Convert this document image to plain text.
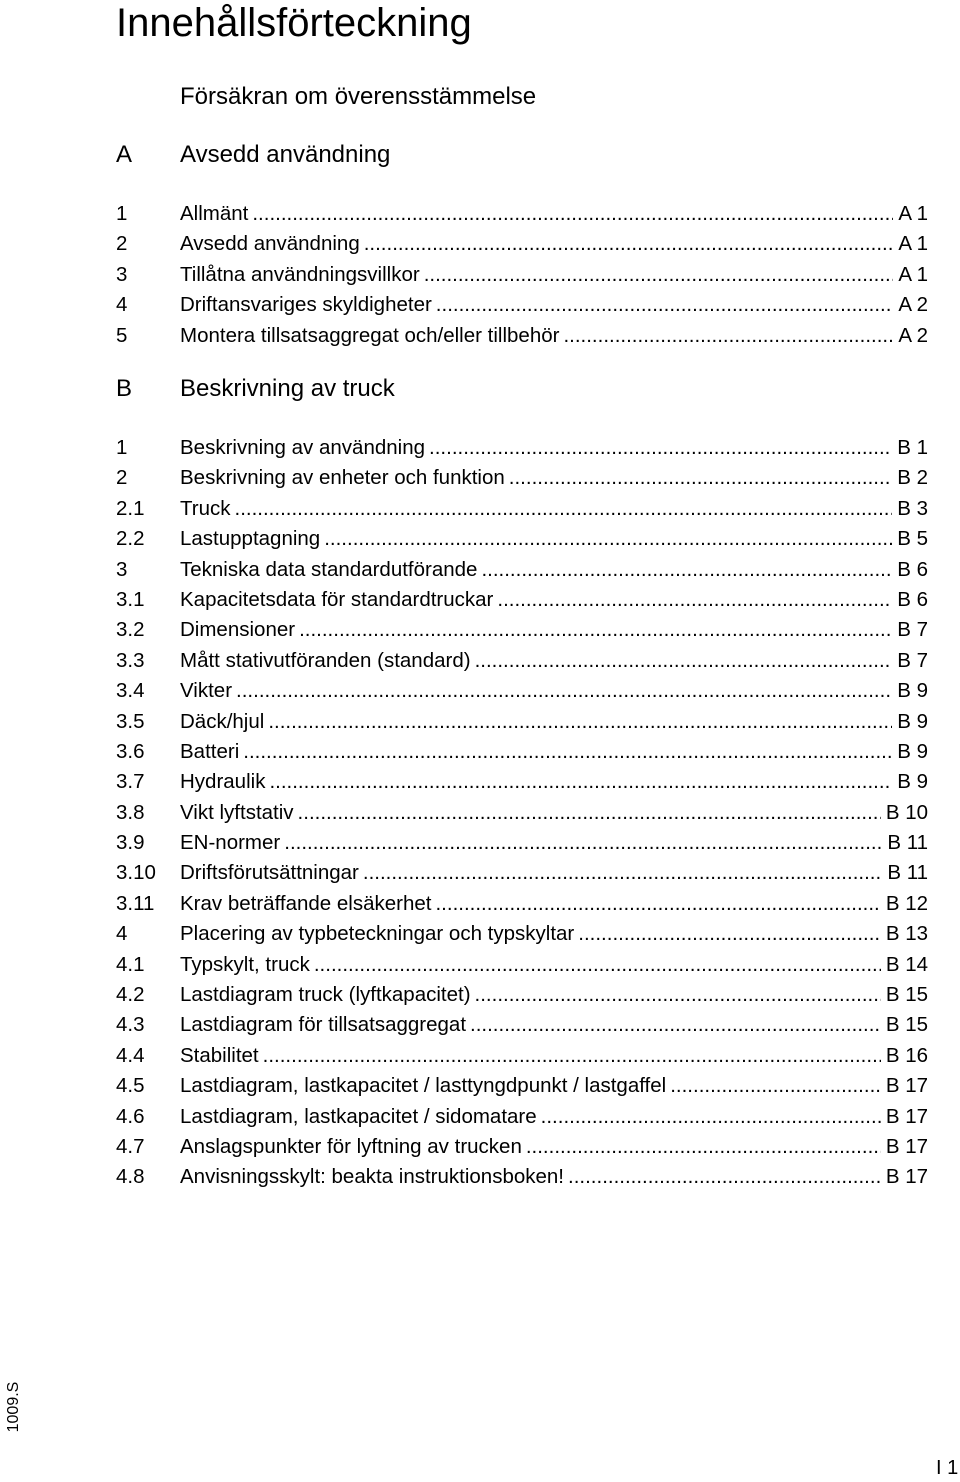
Innehållsförteckning
Försäkran om överensstämmelse
A Avsedd användning
1	Allmänt .....	A 1
2	Avsedd användning .....	A 1
3	Tillåtna användningsvillkor .....	A 1
4	Driftansvariges skyldigheter .....	A 2
5	Montera tillsatsaggregat och/eller tillbehör .....	A 2
B Beskrivning av truck
1	Beskrivning av användning .....	B 1
2	Beskrivning av enheter och funktion .....	B 2
2.1	Truck .....	B 3
2.2	Lastupptagning .....	B 5
3	Tekniska data standardutförande .....	B 6
3.1	Kapacitetsdata för standardtruckar .....	B 6
3.2	Dimensioner .....	B 7
3.3	Mått stativutföranden (standard) .....	B 7
3.4	Vikter .....	B 9
3.5	Däck/hjul .....	B 9
3.6	Batteri .....	B 9
3.7	Hydraulik .....	B 9
3.8	Vikt lyftstativ .....	B 10
3.9	EN-normer .....	B 11
3.10	Driftsförutsättningar .....	B 11
3.11	Krav beträffande elsäkerhet .....	B 12
4	Placering av typbeteckningar och typskyltar .....	B 13
4.1	Typskylt, truck .....	B 14
4.2	Lastdiagram truck (lyftkapacitet) .....	B 15
4.3	Lastdiagram för tillsatsaggregat .....	B 15
4.4	Stabilitet .....	B 16
4.5	Lastdiagram, lastkapacitet / lasttyngdpunkt / lastgaffel .....	B 17
4.6	Lastdiagram, lastkapacitet / sidomatare .....	B 17
4.7	Anslagspunkter för lyftning av trucken .....	B 17
4.8	Anvisningsskylt: beakta instruktionsboken! .....	B 17
1009.S
I 1
